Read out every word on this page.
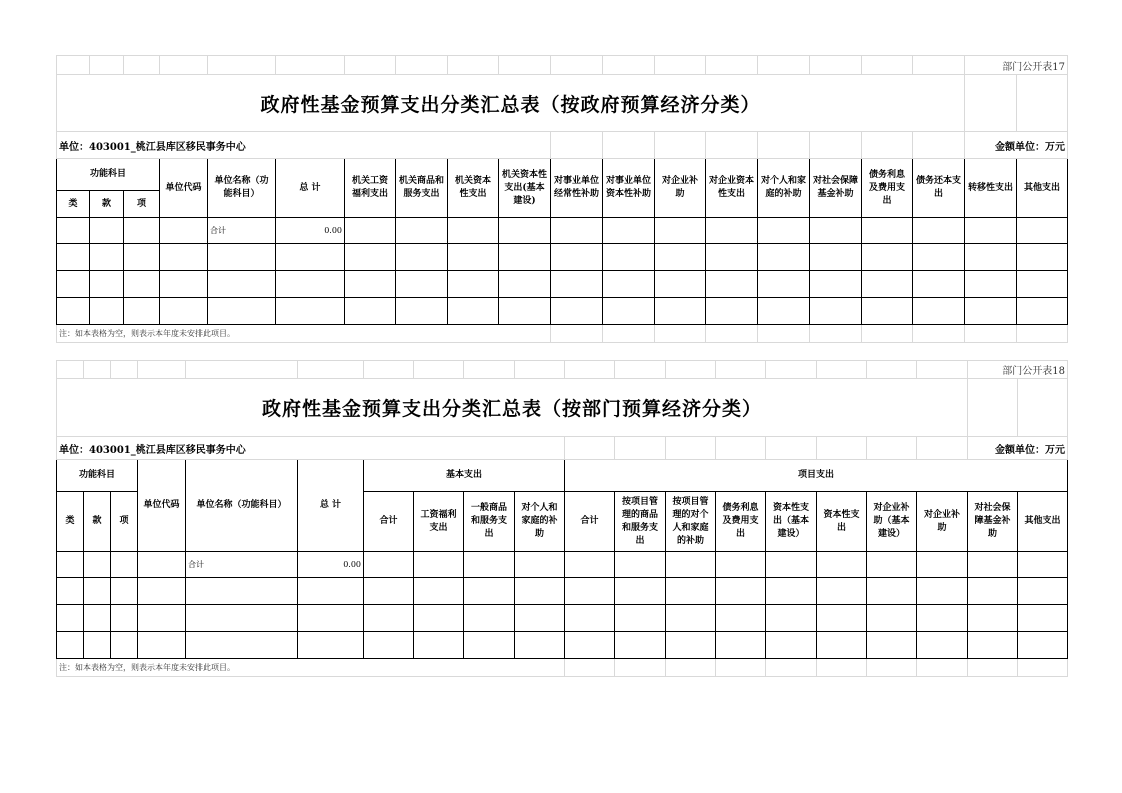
																		部门公开表17	
政府性基金预算支出分类汇总表（按政府预算经济分类）																			
单位：403001_桃江县库区移民事务中心																		金额单位：万元	
功能科目			单位代码	单位名称（功能科目）	总 计	机关工资福利支出	机关商品和服务支出	机关资本性支出	机关资本性支出(基本建设)	对事业单位经常性补助	对事业单位资本性补助	对企业补助	对企业资本性支出	对个人和家庭的补助	对社会保障基金补助	债务利息及费用支出	债务还本支出	转移性支出	其他支出
类	款	项																	
				合计	0.00														

注：如本表格为空，则表示本年度未安排此项目。																			
																		部门公开表18	
政府性基金预算支出分类汇总表（按部门预算经济分类）																			
单位：403001_桃江县库区移民事务中心																		金额单位：万元	
功能科目			单位代码	单位名称（功能科目）	总 计	基本支出				项目支出									
类	款	项				合计	工资福利支出	一般商品和服务支出	对个人和家庭的补助	合计	按项目管理的商品和服务支出	按项目管理的对个人和家庭的补助	债务利息及费用支出	资本性支出（基本建设）	资本性支出	对企业补助（基本建设）	对企业补助	对社会保障基金补助	其他支出
				合计	0.00														

注：如本表格为空，则表示本年度未安排此项目。																			
